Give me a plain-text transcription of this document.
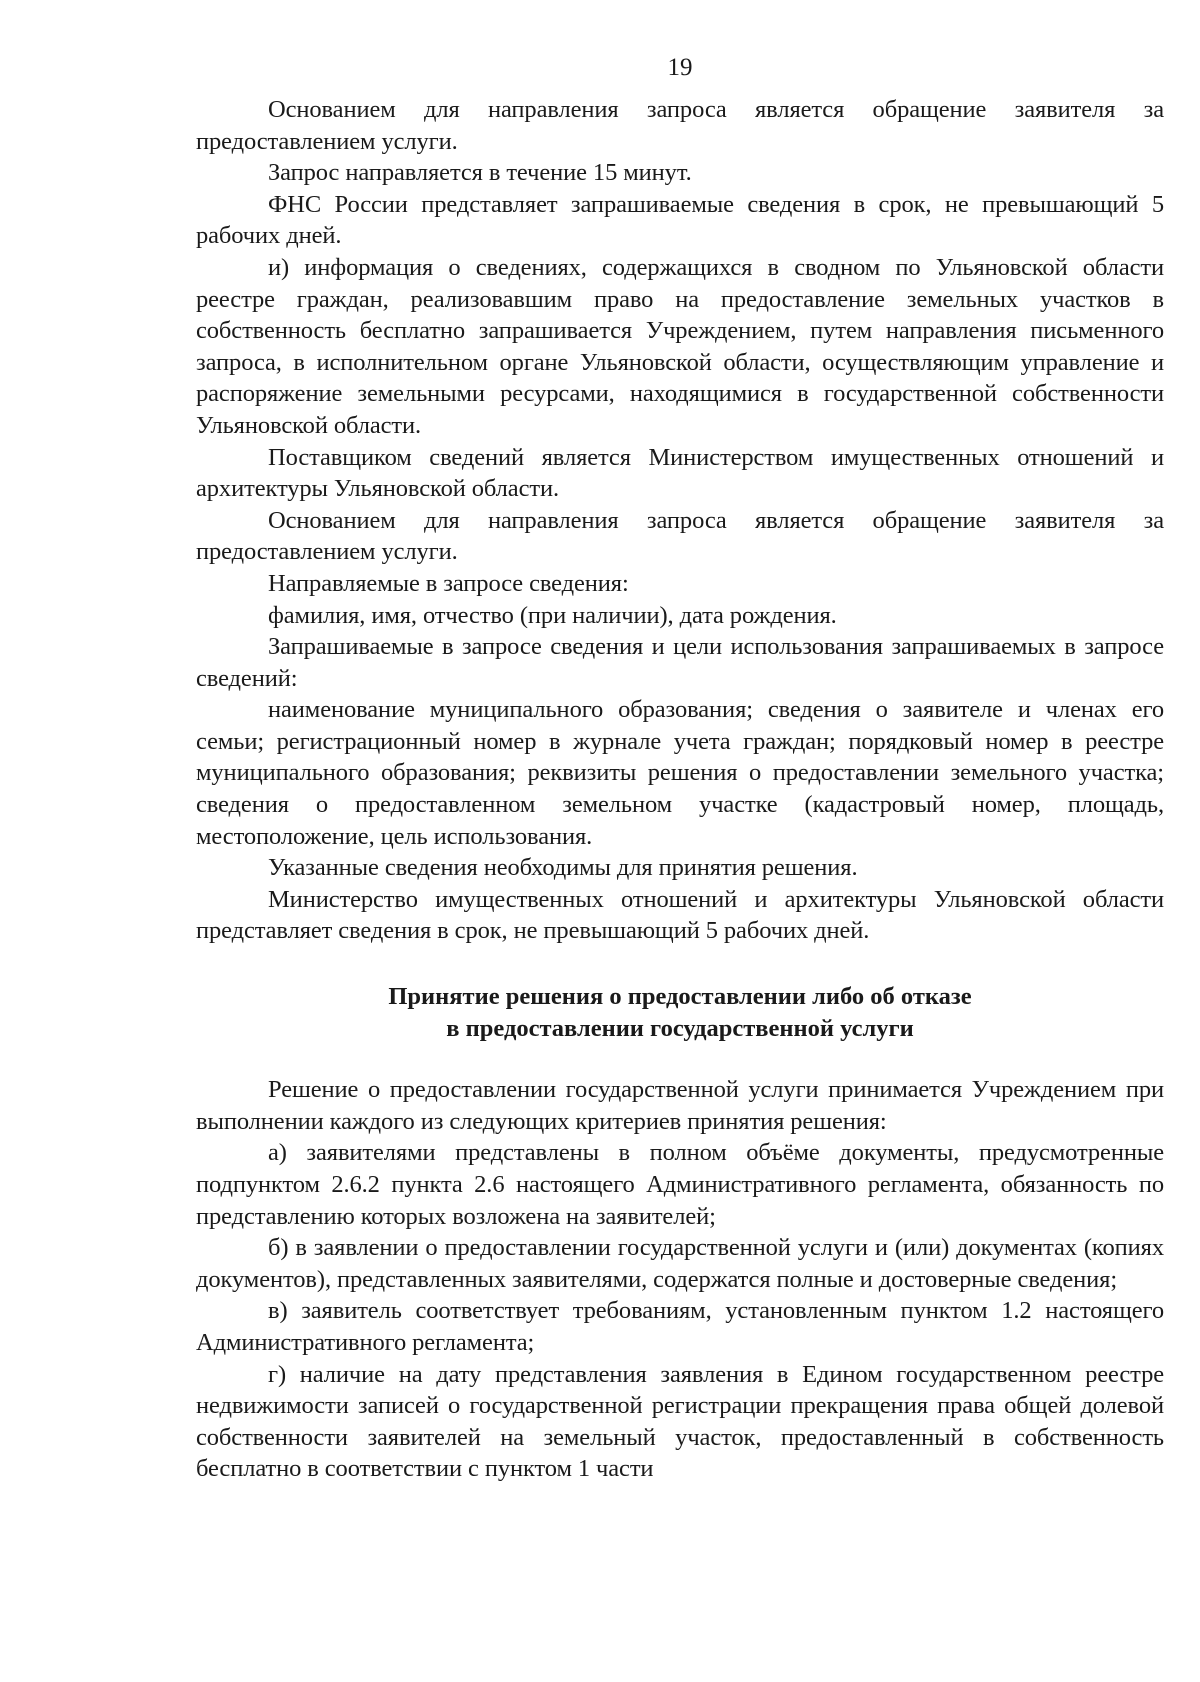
19

Основанием для направления запроса является обращение заявителя за предоставлением услуги.

Запрос направляется в течение 15 минут.

ФНС России представляет запрашиваемые сведения в срок, не превышающий 5 рабочих дней.

и) информация о сведениях, содержащихся в сводном по Ульяновской области реестре граждан, реализовавшим право на предоставление земельных участков в собственность бесплатно запрашивается Учреждением, путем направления письменного запроса, в исполнительном органе Ульяновской области, осуществляющим управление и распоряжение земельными ресурсами, находящимися в государственной собственности Ульяновской области.

Поставщиком сведений является Министерством имущественных отношений и архитектуры Ульяновской области.

Основанием для направления запроса является обращение заявителя за предоставлением услуги.

Направляемые в запросе сведения:

фамилия, имя, отчество (при наличии), дата рождения.

Запрашиваемые в запросе сведения и цели использования запрашиваемых в запросе сведений:

наименование муниципального образования; сведения о заявителе и членах его семьи; регистрационный номер в журнале учета граждан; порядковый номер в реестре муниципального образования; реквизиты решения о предоставлении земельного участка; сведения о предоставленном земельном участке (кадастровый номер, площадь, местоположение, цель использования.

Указанные сведения необходимы для принятия решения.

Министерство имущественных отношений и архитектуры Ульяновской области представляет сведения в срок, не превышающий 5 рабочих дней.

Принятие решения о предоставлении либо об отказе
в предоставлении государственной услуги

Решение о предоставлении государственной услуги принимается Учреждением при выполнении каждого из следующих критериев принятия решения:

а) заявителями представлены в полном объёме документы, предусмотренные подпунктом 2.6.2 пункта 2.6 настоящего Административного регламента, обязанность по представлению которых возложена на заявителей;

б) в заявлении о предоставлении государственной услуги и (или) документах (копиях документов), представленных заявителями, содержатся полные и достоверные сведения;

в) заявитель соответствует требованиям, установленным пунктом 1.2 настоящего Административного регламента;

г) наличие на дату представления заявления в Едином государственном реестре недвижимости записей о государственной регистрации прекращения права общей долевой собственности заявителей на земельный участок, предоставленный в собственность бесплатно в соответствии с пунктом 1 части
